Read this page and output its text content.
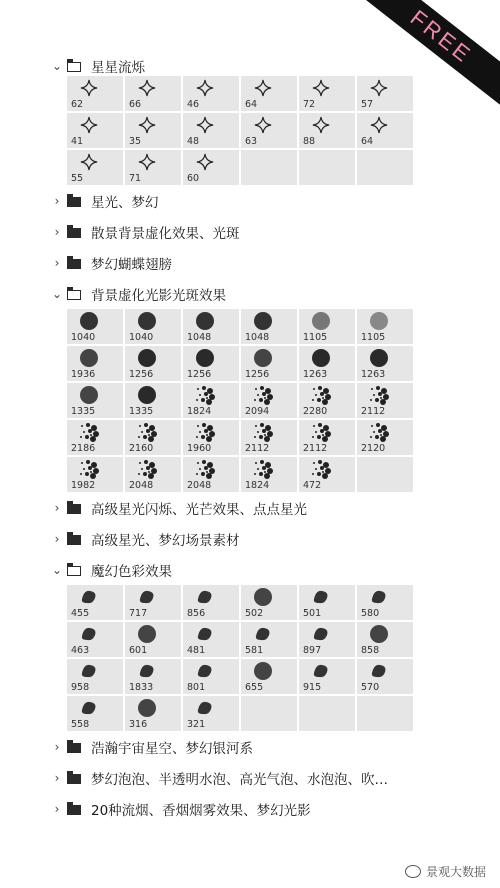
FREE
⌄	星星流烁
62	66	46	64	72	57
41	35	48	63	88	64
55	71	60
›	星光、梦幻
›	散景背景虚化效果、光斑
›	梦幻蝴蝶翅膀
⌄	背景虚化光影光斑效果
1040	1040	1048	1048	1105	1105
1936	1256	1256	1256	1263	1263
1335	1335	1824	2094	2280	2112
2186	2160	1960	2112	2112	2120
1982	2048	2048	1824	472
›	高级星光闪烁、光芒效果、点点星光
›	高级星光、梦幻场景素材
⌄	魔幻色彩效果
455	717	856	502	501	580
463	601	481	581	897	858
958	1833	801	655	915	570
558	316	321
›	浩瀚宇宙星空、梦幻银河系
›	梦幻泡泡、半透明水泡、高光气泡、水泡泡、吹…
›	20种流烟、香烟烟雾效果、梦幻光影
景观大数据
